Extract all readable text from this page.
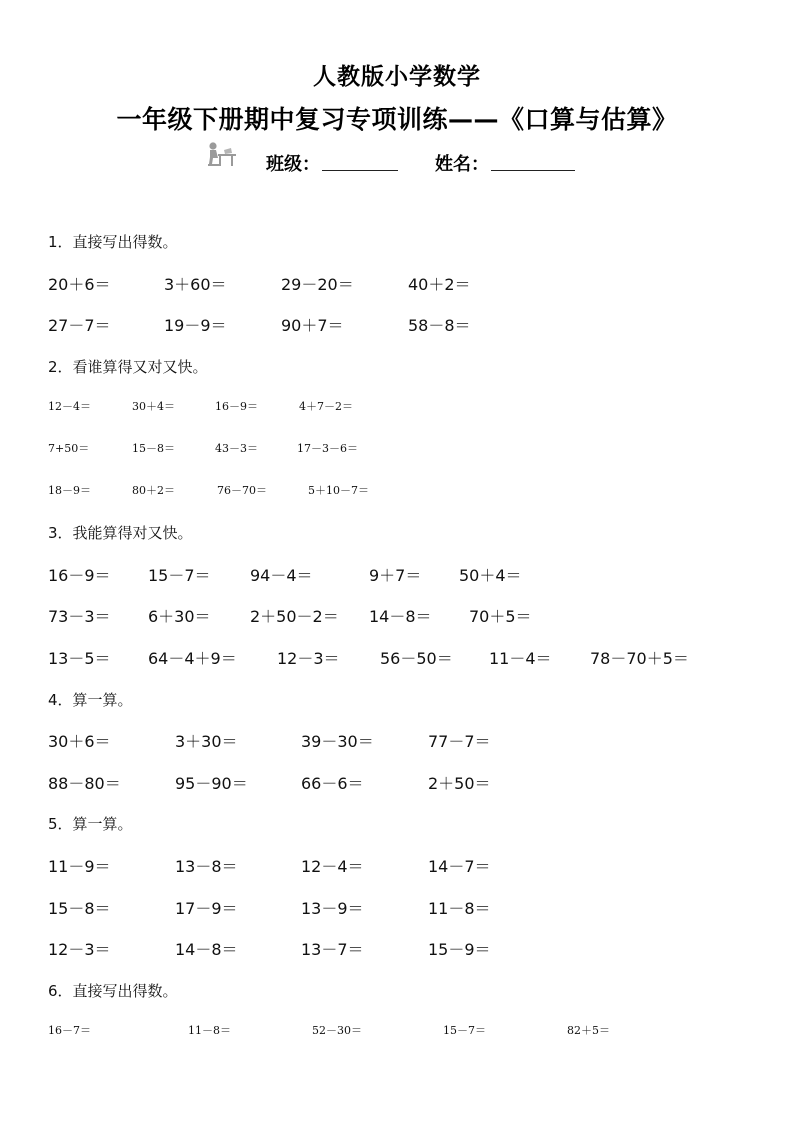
人教版小学数学
一年级下册期中复习专项训练——《口算与估算》
班级：	姓名：
1．直接写出得数。
20＋6＝	3＋60＝	29－20＝	40＋2＝
27－7＝	19－9＝	90＋7＝	58－8＝
2．看谁算得又对又快。
12－4＝	30＋4＝	16－9＝	4＋7－2＝
7+50＝	15－8＝	43－3＝	17－3－6＝
18－9＝	80＋2＝	76－70＝	5＋10－7＝
3．我能算得对又快。
16－9＝ 15－7＝ 94－4＝	9＋7＝ 50＋4＝
73－3＝ 6＋30＝ 2＋50－2＝ 14－8＝ 70＋5＝
13－5＝ 64－4＋9＝	12－3＝	56－50＝ 11－4＝ 78－70＋5＝
4．算一算。
30＋6＝	3＋30＝	39－30＝	77－7＝
88－80＝	95－90＝	66－6＝	2＋50＝
5．算一算。
11－9＝	13－8＝	12－4＝	14－7＝
15－8＝	17－9＝	13－9＝	11－8＝
12－3＝	14－8＝	13－7＝	15－9＝
6．直接写出得数。
16－7＝	11－8＝	52－30＝	15－7＝	82＋5＝
